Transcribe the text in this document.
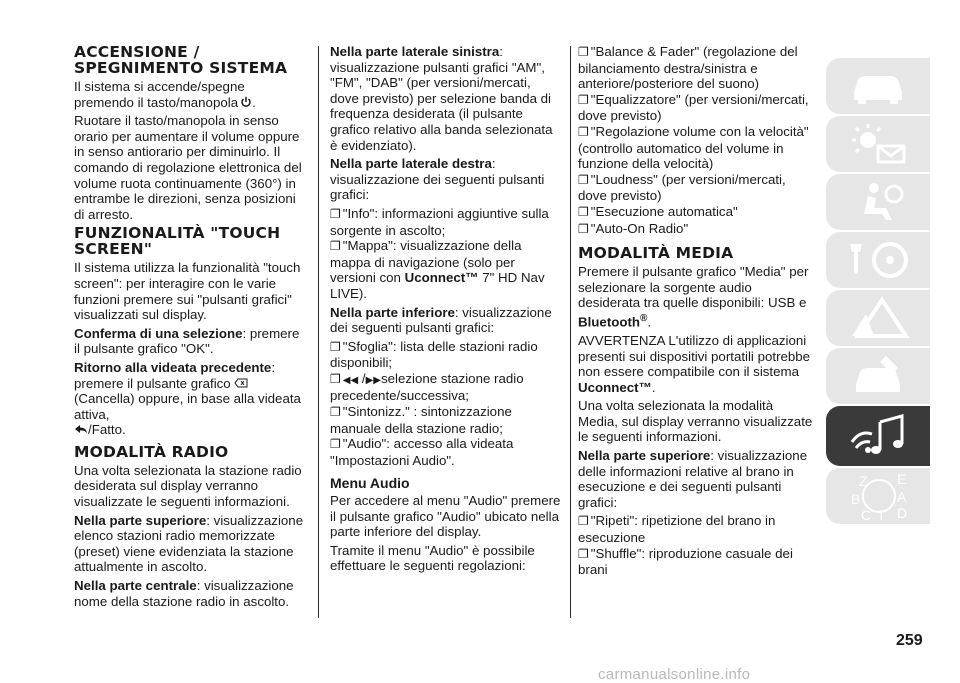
ACCENSIONE / SPEGNIMENTO SISTEMA

Il sistema si accende/spegne premendo il tasto/manopola .

Ruotare il tasto/manopola in senso orario per aumentare il volume oppure in senso antiorario per diminuirlo. Il comando di regolazione elettronica del volume ruota continuamente (360°) in entrambe le direzioni, senza posizioni di arresto.

FUNZIONALITÀ "TOUCH SCREEN"

Il sistema utilizza la funzionalità "touch screen": per interagire con le varie funzioni premere sui "pulsanti grafici" visualizzati sul display.

Conferma di una selezione: premere il pulsante grafico "OK".

Ritorno alla videata precedente: premere il pulsante grafico  (Cancella) oppure, in base alla videata attiva,
/Fatto.

MODALITÀ RADIO

Una volta selezionata la stazione radio desiderata sul display verranno visualizzate le seguenti informazioni.

Nella parte superiore: visualizzazione elenco stazioni radio memorizzate (preset) viene evidenziata la stazione attualmente in ascolto.

Nella parte centrale: visualizzazione nome della stazione radio in ascolto.

Nella parte laterale sinistra: visualizzazione pulsanti grafici "AM", "FM", "DAB" (per versioni/mercati, dove previsto) per selezione banda di frequenza desiderata (il pulsante grafico relativo alla banda selezionata è evidenziato).

Nella parte laterale destra: visualizzazione dei seguenti pulsanti grafici:

❐ "Info": informazioni aggiuntive sulla sorgente in ascolto;

❐ "Mappa": visualizzazione della mappa di navigazione (solo per versioni con Uconnect™ 7" HD Nav LIVE).

Nella parte inferiore: visualizzazione dei seguenti pulsanti grafici:

❐ "Sfoglia": lista delle stazioni radio disponibili;

❐ ◀◀ /▶▶selezione stazione radio precedente/successiva;

❐ "Sintonizz." : sintonizzazione manuale della stazione radio;

❐ "Audio": accesso alla videata "Impostazioni Audio".

Menu Audio

Per accedere al menu "Audio" premere il pulsante grafico "Audio" ubicato nella parte inferiore del display.

Tramite il menu "Audio" è possibile effettuare le seguenti regolazioni:

❐ "Balance & Fader" (regolazione del bilanciamento destra/sinistra e anteriore/posteriore del suono)

❐ "Equalizzatore" (per versioni/mercati, dove previsto)

❐ "Regolazione volume con la velocità" (controllo automatico del volume in funzione della velocità)

❐ "Loudness" (per versioni/mercati, dove previsto)

❐ "Esecuzione automatica"

❐ "Auto-On Radio"

MODALITÀ MEDIA

Premere il pulsante grafico "Media" per selezionare la sorgente audio desiderata tra quelle disponibili: USB e
Bluetooth®.

AVVERTENZA L'utilizzo di applicazioni presenti sui dispositivi portatili potrebbe non essere compatibile con il sistema Uconnect™.

Una volta selezionata la modalità Media, sul display verranno visualizzate le seguenti informazioni.

Nella parte superiore: visualizzazione delle informazioni relative al brano in esecuzione e dei seguenti pulsanti grafici:

❐ "Ripeti": ripetizione del brano in esecuzione

❐ "Shuffle": riproduzione casuale dei brani

Z E
B	A
C T D
259
carmanualsonline.info
